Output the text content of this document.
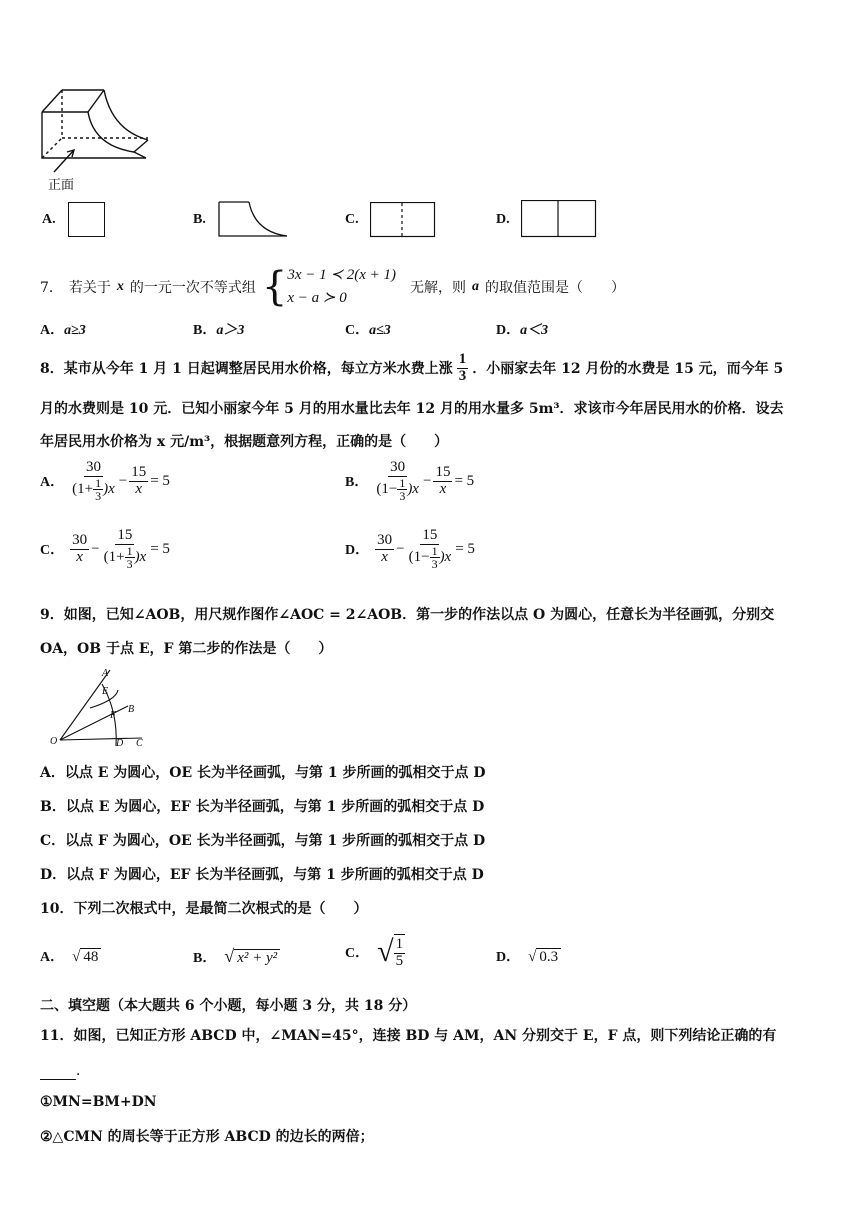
正面
A.	B.	C.	D.
7． 若关于 x 的一元一次不等式组 { 3x − 1 ≺ 2(x + 1)
x − a ≻ 0
无解，则 a 的取值范围是（　　）
A．a≥3	B．a＞3	C．a≤3	D．a＜3
8．某市从今年 1 月 1 日起调整居民用水价格，每立方米水费上涨 $\frac{1}{3}$ ．小丽家去年 12 月份的水费是 15 元，而今年 5
月的水费则是 10 元．已知小丽家今年 5 月的用水量比去年 12 月的用水量多 5m³．求该市今年居民用水的价格．设去
年居民用水价格为 x 元/m³，根据题意列方程，正确的是（　　）
A． $\frac{30}{(1+ \frac{1}{3} )x} - \frac{15}{x} = 5$	B． $\frac{30}{(1- \frac{1}{3} )x} - \frac{15}{x} = 5$
C． $\frac{30}{x} - \frac{15}{(1+ \frac{1}{3} )x} = 5$	D． $\frac{30}{x} - \frac{15}{(1- \frac{1}{3} )x} = 5$
9．如图，已知∠AOB，用尺规作图作∠AOC = 2∠AOB．第一步的作法以点 O 为圆心，任意长为半径画弧，分别交
OA，OB 于点 E，F 第二步的作法是（　　）
A
E
F
B
O	D C
A．以点 E 为圆心，OE 长为半径画弧，与第 1 步所画的弧相交于点 D
B．以点 E 为圆心，EF 长为半径画弧，与第 1 步所画的弧相交于点 D
C．以点 F 为圆心，OE 长为半径画弧，与第 1 步所画的弧相交于点 D
D．以点 F 为圆心，EF 长为半径画弧，与第 1 步所画的弧相交于点 D
10．下列二次根式中，是最简二次根式的是（　　）
A． √ 48	B． √ x² + y²	C． √ $\frac{1}{5}$	D． √ 0.3
二、填空题（本大题共 6 个小题，每小题 3 分，共 18 分）
11．如图，已知正方形 ABCD 中，∠MAN=45°，连接 BD 与 AM，AN 分别交于 E，F 点，则下列结论正确的有
．
①MN=BM+DN
②△CMN 的周长等于正方形 ABCD 的边长的两倍；
